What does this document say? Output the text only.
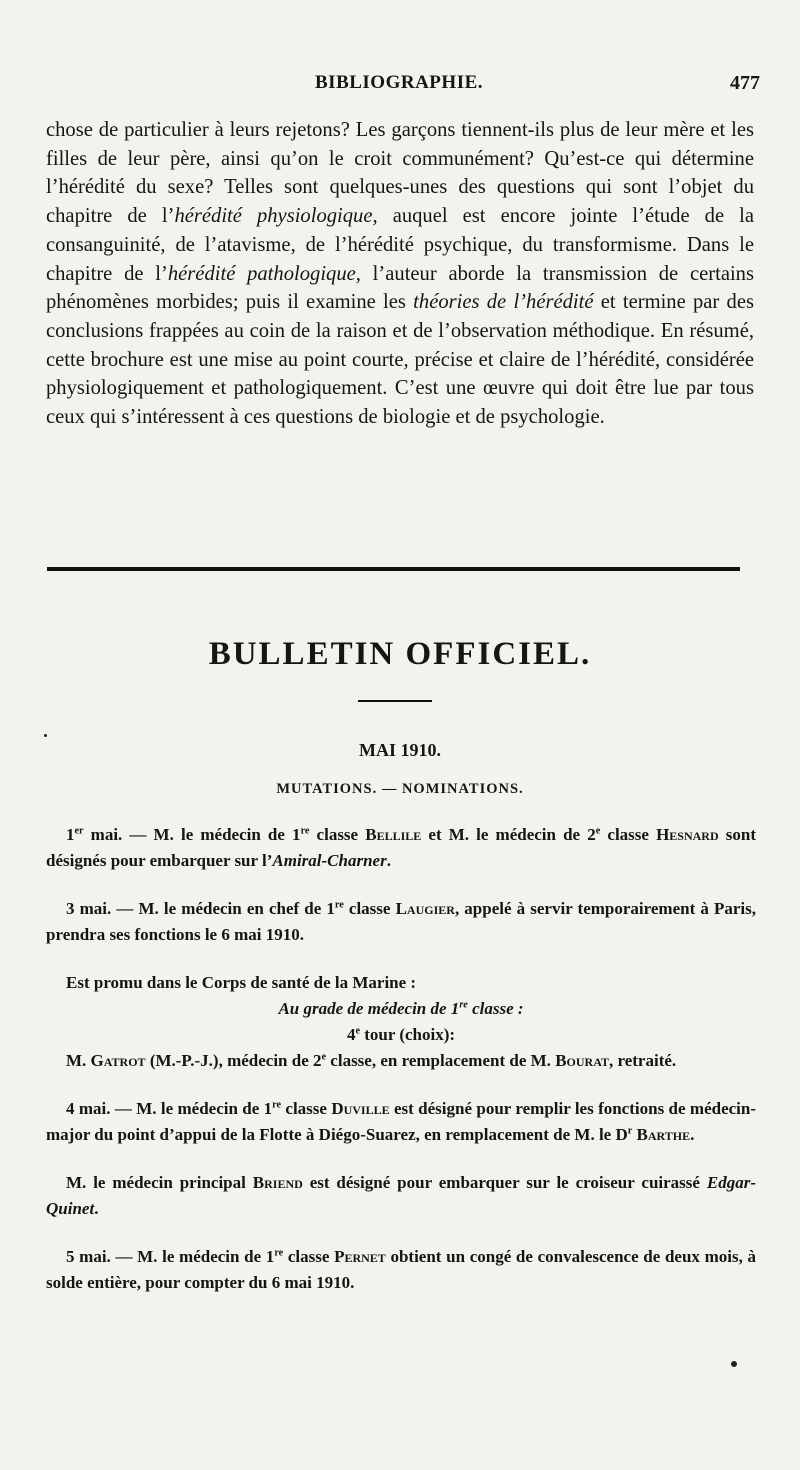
BIBLIOGRAPHIE.	477

chose de particulier à leurs rejetons? Les garçons tiennent-ils plus de leur mère et les filles de leur père, ainsi qu’on le croit communément? Qu’est-ce qui détermine l’hérédité du sexe? Telles sont quelques-unes des questions qui sont l’objet du chapitre de l’hérédité physiologique, auquel est encore jointe l’étude de la consanguinité, de l’atavisme, de l’hérédité psychique, du transformisme. Dans le chapitre de l’hérédité pathologique, l’auteur aborde la transmission de certains phénomènes morbides; puis il examine les théories de l’hérédité et termine par des conclusions frappées au coin de la raison et de l’observation méthodique. En résumé, cette brochure est une mise au point courte, précise et claire de l’hérédité, considérée physiologiquement et pathologiquement. C’est une œuvre qui doit être lue par tous ceux qui s’intéressent à ces questions de biologie et de psychologie.

BULLETIN OFFICIEL.
MAI 1910.
MUTATIONS. — NOMINATIONS.

1er mai. — M. le médecin de 1re classe Bellile et M. le médecin de 2e classe Hesnard sont désignés pour embarquer sur l’Amiral-Charner.

3 mai. — M. le médecin en chef de 1re classe Laugier, appelé à servir temporairement à Paris, prendra ses fonctions le 6 mai 1910.

Est promu dans le Corps de santé de la Marine :

Au grade de médecin de 1re classe :

4e tour (choix):

M. Gatrot (M.-P.-J.), médecin de 2e classe, en remplacement de M. Bourat, retraité.

4 mai. — M. le médecin de 1re classe Duville est désigné pour remplir les fonctions de médecin-major du point d’appui de la Flotte à Diégo-Suarez, en remplacement de M. le $D^r$ Barthe.

M. le médecin principal Briend est désigné pour embarquer sur le croiseur cuirassé Edgar-Quinet.

5 mai. — M. le médecin de 1re classe Pernet obtient un congé de convalescence de deux mois, à solde entière, pour compter du 6 mai 1910.
